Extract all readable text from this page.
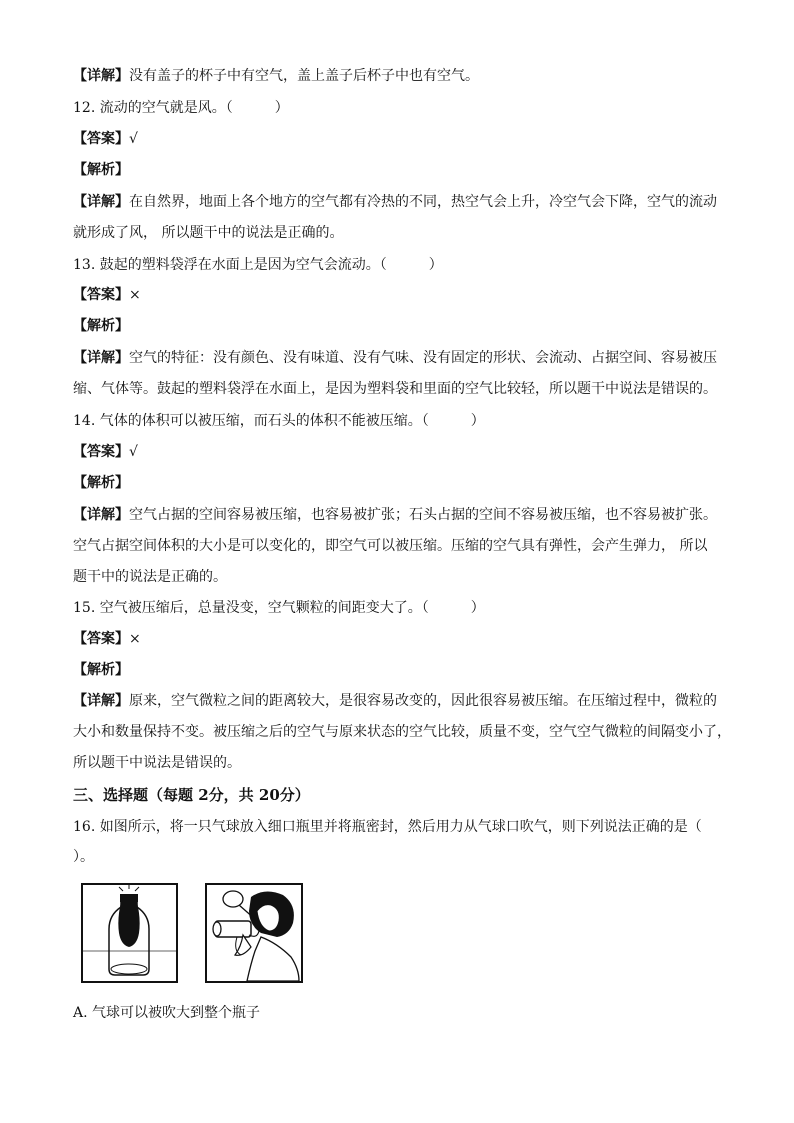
【详解】没有盖子的杯子中有空气，盖上盖子后杯子中也有空气。
12. 流动的空气就是风。（　　　）
【答案】√
【解析】
【详解】在自然界，地面上各个地方的空气都有冷热的不同，热空气会上升，冷空气会下降，空气的流动
就形成了风， 所以题干中的说法是正确的。
13. 鼓起的塑料袋浮在水面上是因为空气会流动。（　　　）
【答案】×
【解析】
【详解】空气的特征：没有颜色、没有味道、没有气味、没有固定的形状、会流动、占据空间、容易被压
缩、气体等。鼓起的塑料袋浮在水面上，是因为塑料袋和里面的空气比较轻，所以题干中说法是错误的。
14. 气体的体积可以被压缩，而石头的体积不能被压缩。（　　　）
【答案】√
【解析】
【详解】空气占据的空间容易被压缩，也容易被扩张；石头占据的空间不容易被压缩，也不容易被扩张。
空气占据空间体积的大小是可以变化的，即空气可以被压缩。压缩的空气具有弹性，会产生弹力， 所以
题干中的说法是正确的。
15. 空气被压缩后，总量没变，空气颗粒的间距变大了。（　　　）
【答案】×
【解析】
【详解】原来，空气微粒之间的距离较大，是很容易改变的，因此很容易被压缩。在压缩过程中，微粒的
大小和数量保持不变。被压缩之后的空气与原来状态的空气比较，质量不变，空气空气微粒的间隔变小了，
所以题干中说法是错误的。
三、选择题（每题 2分，共 20分）
16. 如图所示，将一只气球放入细口瓶里并将瓶密封，然后用力从气球口吹气，则下列说法正确的是（
）。
A. 气球可以被吹大到整个瓶子
